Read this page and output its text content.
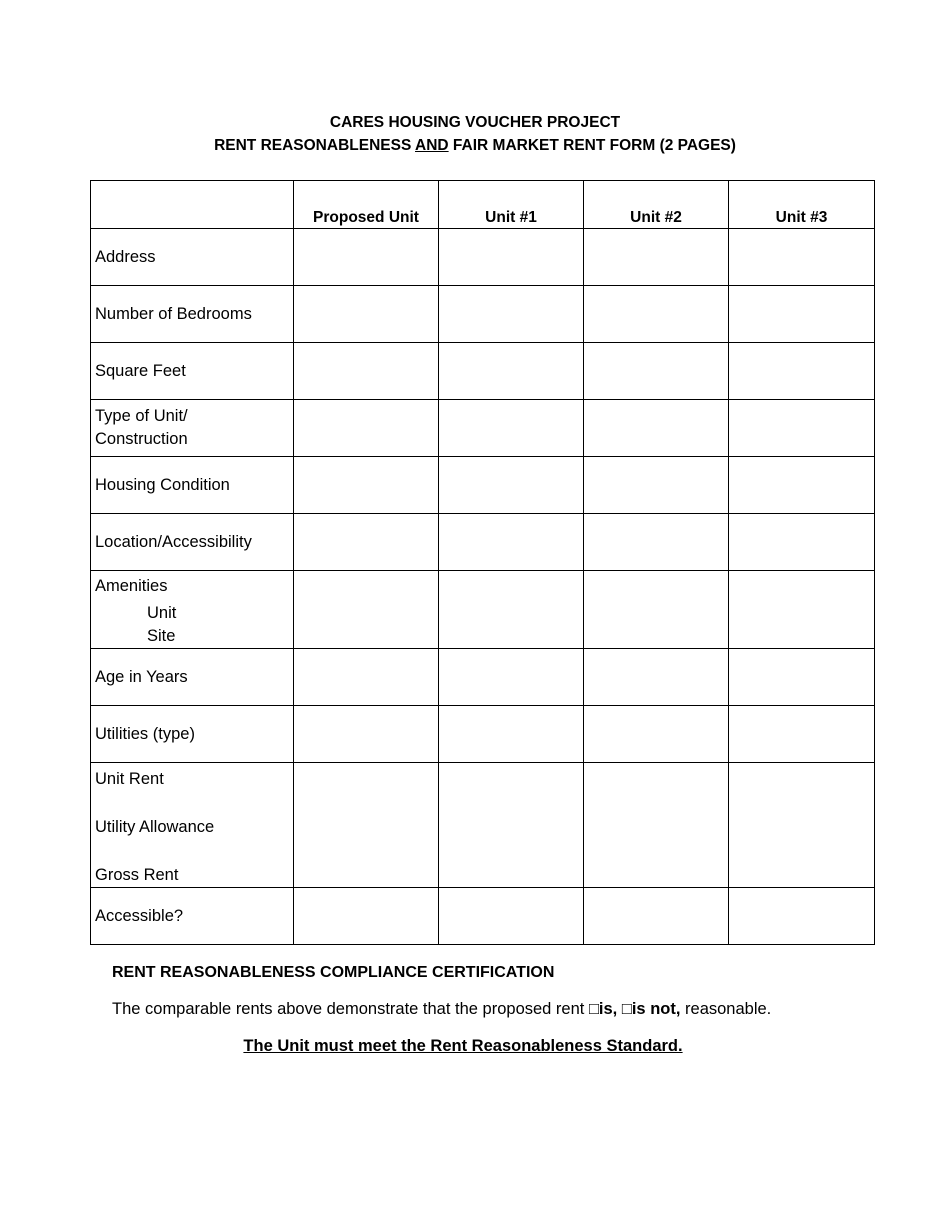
CARES HOUSING VOUCHER PROJECT
RENT REASONABLENESS AND FAIR MARKET RENT FORM (2 PAGES)
	Proposed Unit	Unit #1	Unit #2	Unit #3
Address				
Number of Bedrooms				
Square Feet				

Type of Unit/
Construction				

Housing Condition				
Location/Accessibility				

Amenities
Unit
Site				

Age in Years				
Utilities (type)				

Unit Rent
Utility Allowance
Gross Rent				

Accessible?				
RENT REASONABLENESS COMPLIANCE CERTIFICATION
The comparable rents above demonstrate that the proposed rent □is, □is not, reasonable.
The Unit must meet the Rent Reasonableness Standard.
